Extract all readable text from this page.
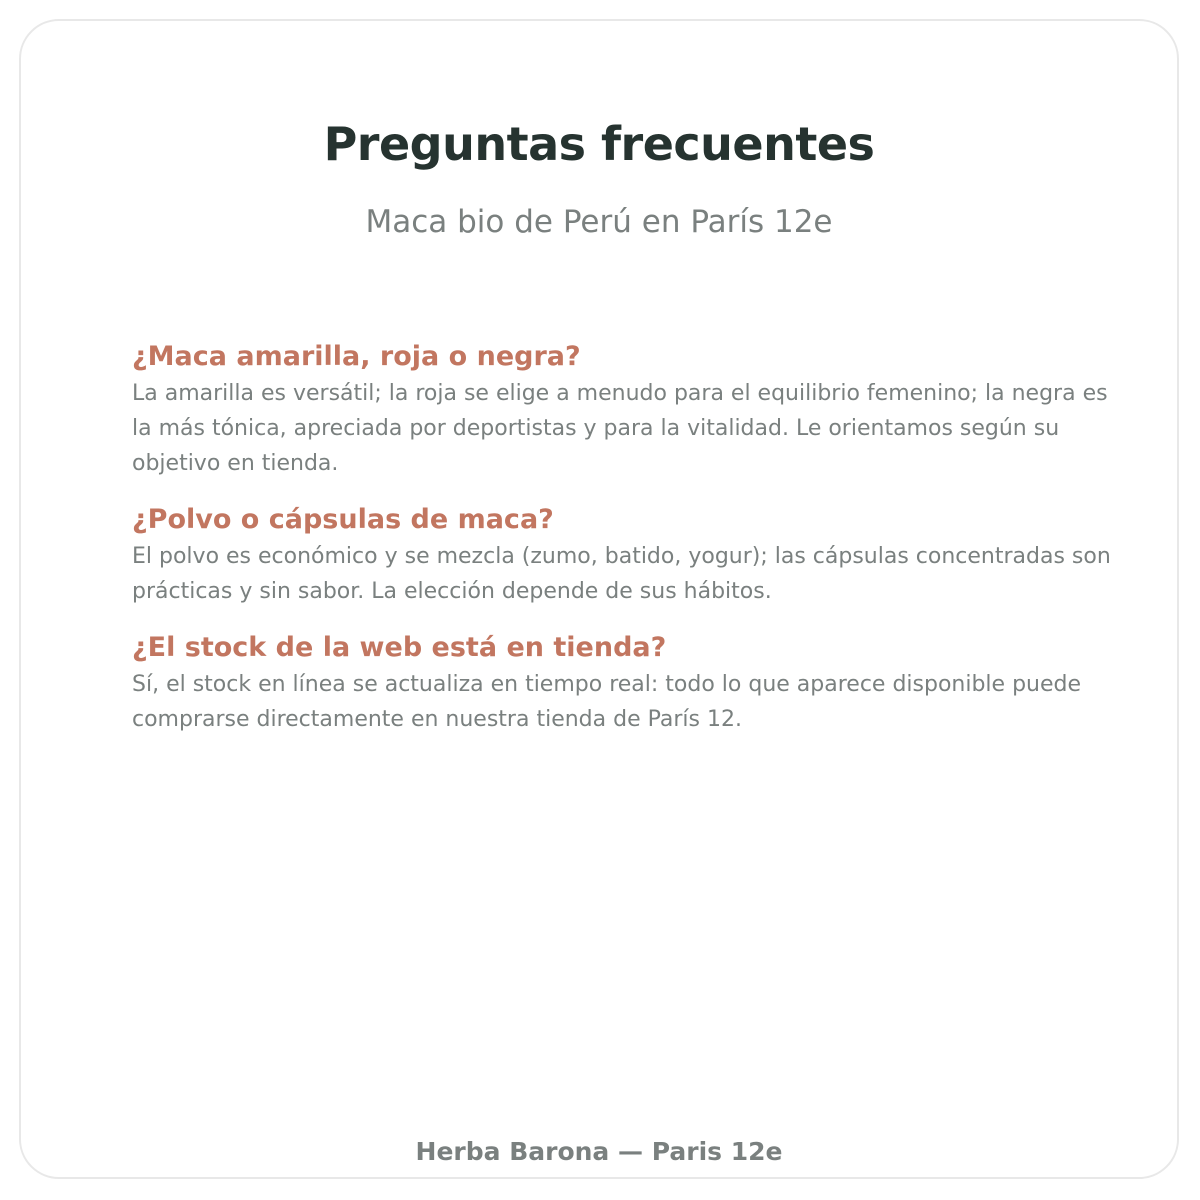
Preguntas frecuentes
Maca bio de Perú en París 12e

¿Maca amarilla, roja o negra?

La amarilla es versátil; la roja se elige a menudo para el equilibrio femenino; la negra es la más tónica, apreciada por deportistas y para la vitalidad. Le orientamos según su objetivo en tienda.

¿Polvo o cápsulas de maca?

El polvo es económico y se mezcla (zumo, batido, yogur); las cápsulas concentradas son prácticas y sin sabor. La elección depende de sus hábitos.

¿El stock de la web está en tienda?

Sí, el stock en línea se actualiza en tiempo real: todo lo que aparece disponible puede comprarse directamente en nuestra tienda de París 12.

Herba Barona — Paris 12e
